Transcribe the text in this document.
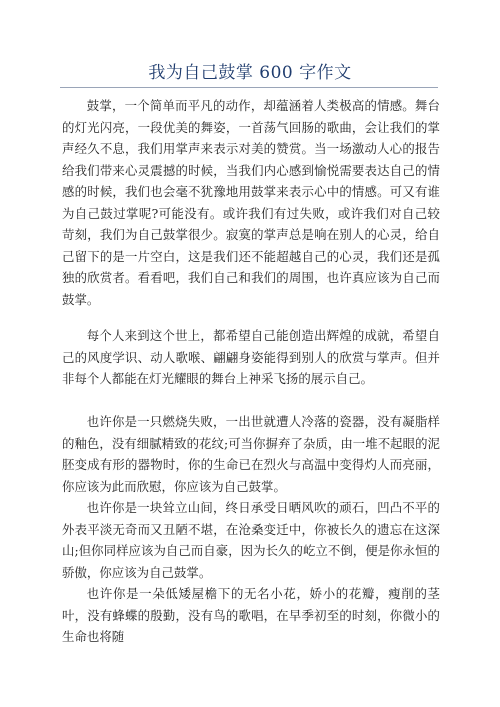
我为自己鼓掌 600 字作文

鼓掌，一个简单而平凡的动作，却蕴涵着人类极高的情感。舞台的灯光闪亮，一段优美的舞姿，一首荡气回肠的歌曲，会让我们的掌声经久不息，我们用掌声来表示对美的赞赏。当一场激动人心的报告给我们带来心灵震撼的时候，当我们内心感到愉悦需要表达自己的情感的时候，我们也会毫不犹豫地用鼓掌来表示心中的情感。可又有谁为自己鼓过掌呢?可能没有。或许我们有过失败，或许我们对自己较苛刻，我们为自己鼓掌很少。寂寞的掌声总是响在别人的心灵，给自己留下的是一片空白，这是我们还不能超越自己的心灵，我们还是孤独的欣赏者。看看吧，我们自己和我们的周围，也许真应该为自己而鼓掌。

每个人来到这个世上，都希望自己能创造出辉煌的成就，希望自己的风度学识、动人歌喉、翩翩身姿能得到别人的欣赏与掌声。但并非每个人都能在灯光耀眼的舞台上神采飞扬的展示自己。

也许你是一只燃烧失败，一出世就遭人冷落的瓷器，没有凝脂样的釉色，没有细腻精致的花纹;可当你摒弃了杂质，由一堆不起眼的泥胚变成有形的器物时，你的生命已在烈火与高温中变得灼人而亮丽，你应该为此而欣慰，你应该为自己鼓掌。

也许你是一块耸立山间，终日承受日晒风吹的顽石，凹凸不平的外表平淡无奇而又丑陋不堪，在沧桑变迁中，你被长久的遗忘在这深山;但你同样应该为自己而自豪，因为长久的屹立不倒，便是你永恒的骄傲，你应该为自己鼓掌。

也许你是一朵低矮屋檐下的无名小花，娇小的花瓣，瘦削的茎叶，没有蜂蝶的殷勤，没有鸟的歌唱，在早季初至的时刻，你微小的生命也将随
